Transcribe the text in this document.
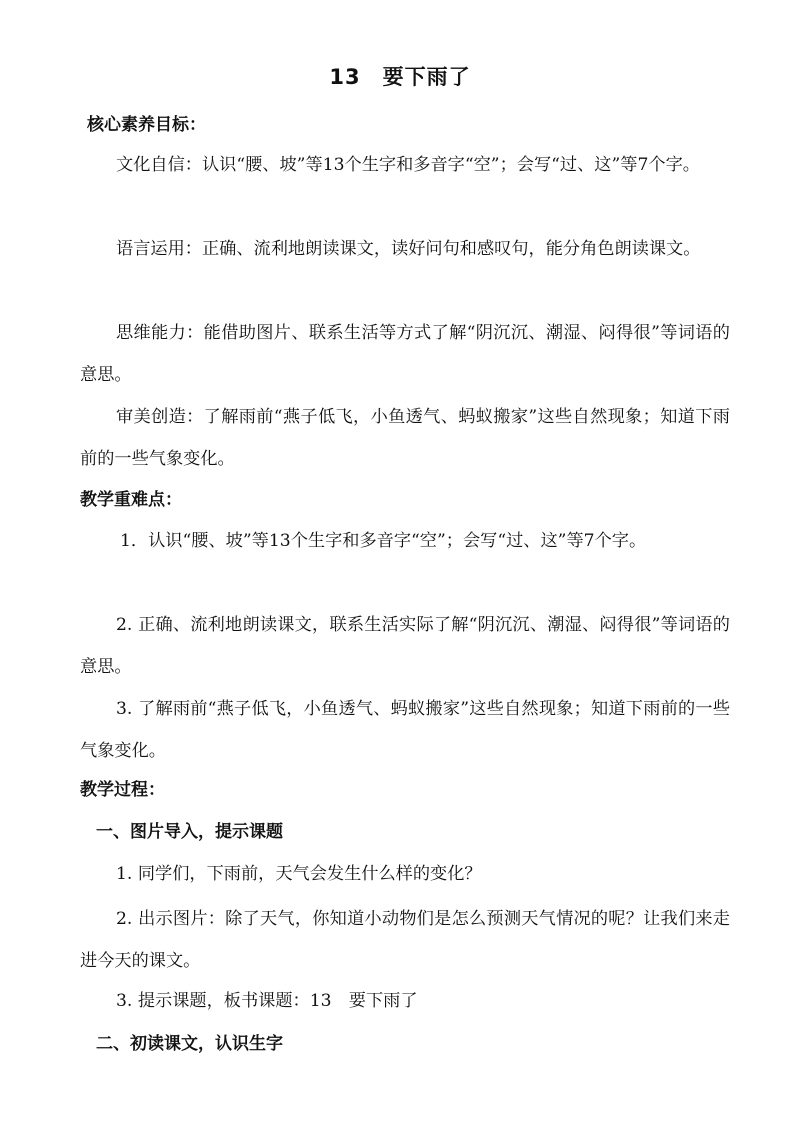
13　要下雨了
核心素养目标：

文化自信：认识“腰、坡”等13个生字和多音字“空”；会写“过、这”等7个字。

语言运用：正确、流利地朗读课文，读好问句和感叹句，能分角色朗读课文。

思维能力：能借助图片、联系生活等方式了解“阴沉沉、潮湿、闷得很”等词语的意思。

审美创造：了解雨前“燕子低飞，小鱼透气、蚂蚁搬家”这些自然现象；知道下雨前的一些气象变化。

教学重难点：

1．认识“腰、坡”等13个生字和多音字“空”；会写“过、这”等7个字。

2. 正确、流利地朗读课文，联系生活实际了解“阴沉沉、潮湿、闷得很”等词语的意思。

3. 了解雨前“燕子低飞，小鱼透气、蚂蚁搬家”这些自然现象；知道下雨前的一些气象变化。

教学过程：
一、图片导入，提示课题
1. 同学们，下雨前，天气会发生什么样的变化？

2. 出示图片：除了天气，你知道小动物们是怎么预测天气情况的呢？让我们来走进今天的课文。

3. 提示课题，板书课题：13　要下雨了
二、初读课文，认识生字
